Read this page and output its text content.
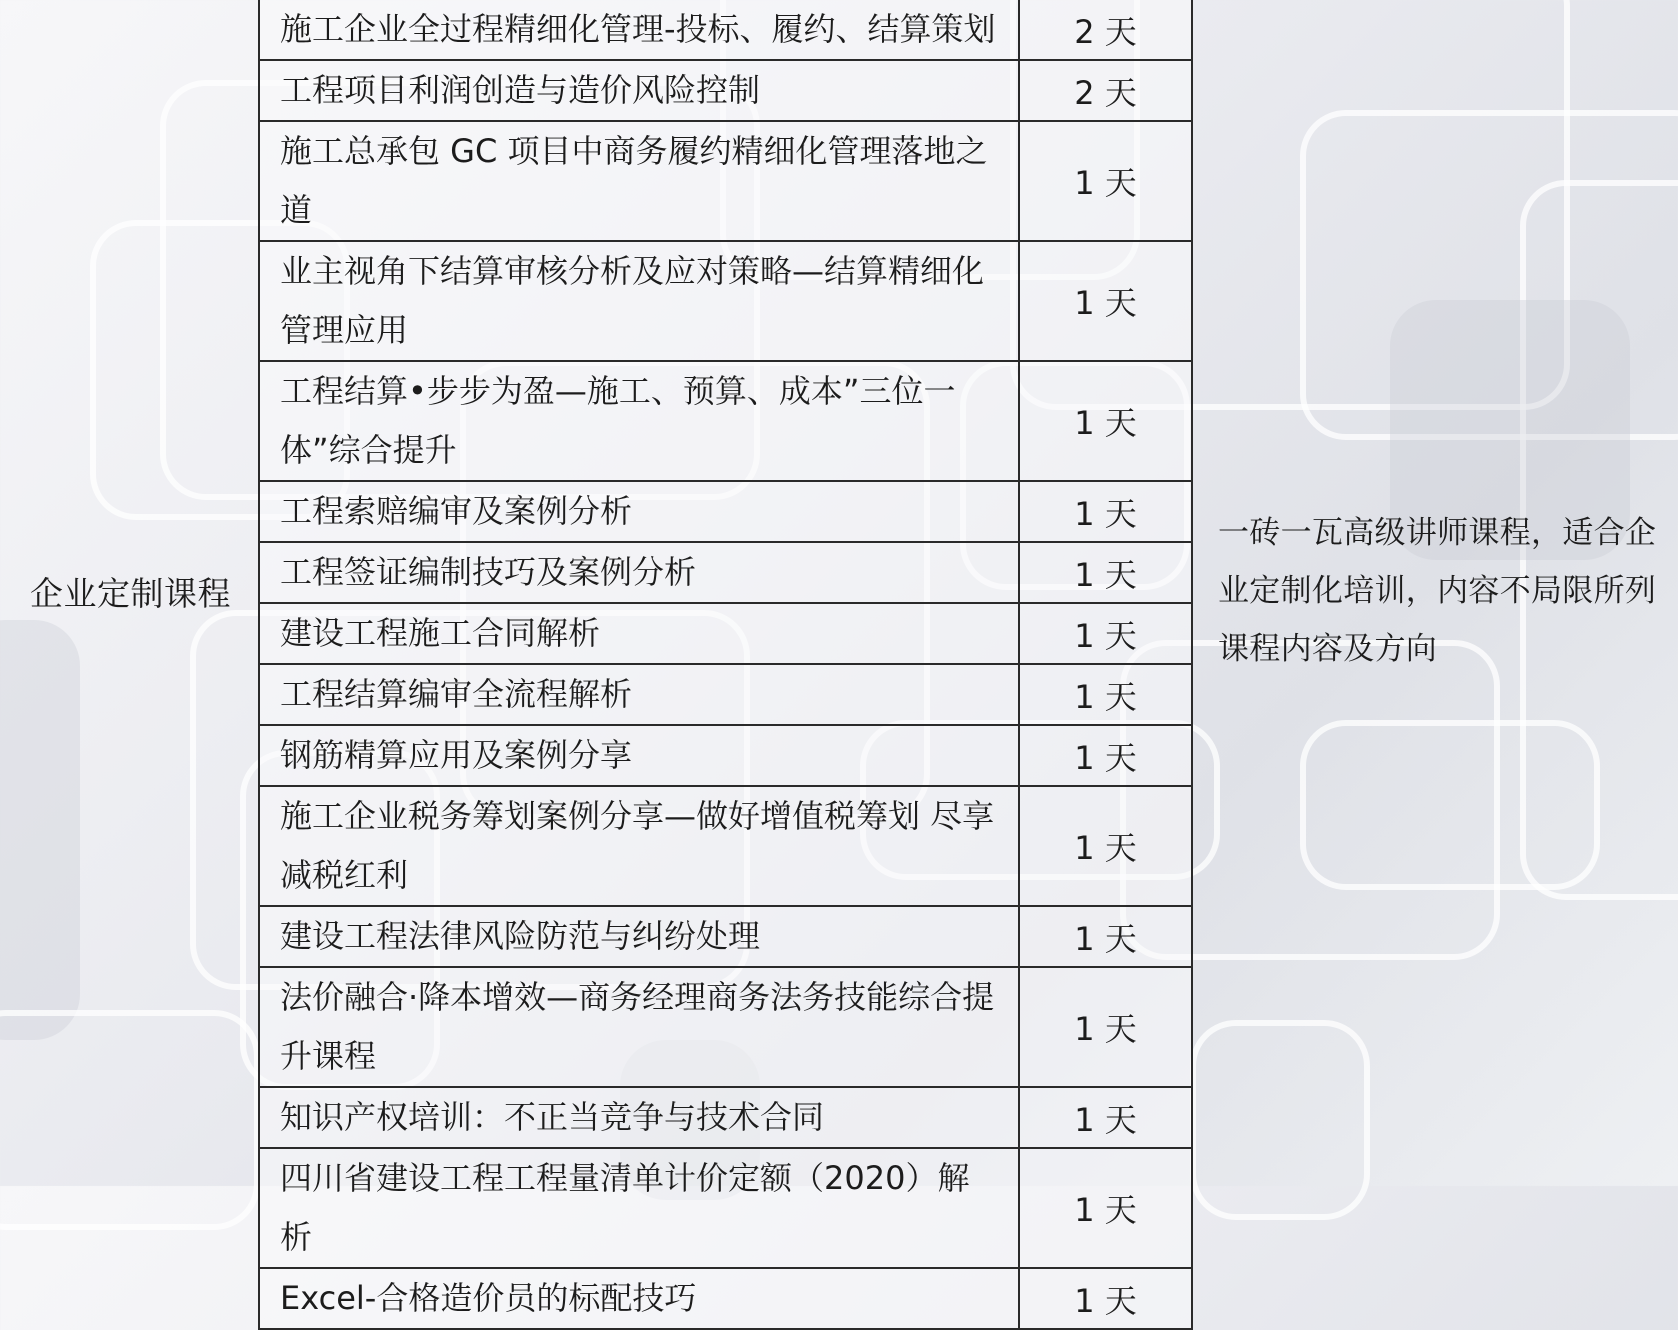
企业定制课程
施工企业全过程精细化管理-投标、履约、结算策划	2 天
工程项目利润创造与造价风险控制	2 天
施工总承包 GC 项目中商务履约精细化管理落地之道	1 天
业主视角下结算审核分析及应对策略—结算精细化管理应用	1 天
工程结算•步步为盈—施工、预算、成本”三位一体”综合提升	1 天
工程索赔编审及案例分析	1 天
工程签证编制技巧及案例分析	1 天
建设工程施工合同解析	1 天
工程结算编审全流程解析	1 天
钢筋精算应用及案例分享	1 天
施工企业税务筹划案例分享—做好增值税筹划 尽享减税红利	1 天
建设工程法律风险防范与纠纷处理	1 天
法价融合·降本增效—商务经理商务法务技能综合提升课程	1 天
知识产权培训：不正当竞争与技术合同	1 天
四川省建设工程工程量清单计价定额（2020）解析	1 天
Excel-合格造价员的标配技巧	1 天
一砖一瓦高级讲师课程，适合企业定制化培训，内容不局限所列课程内容及方向
